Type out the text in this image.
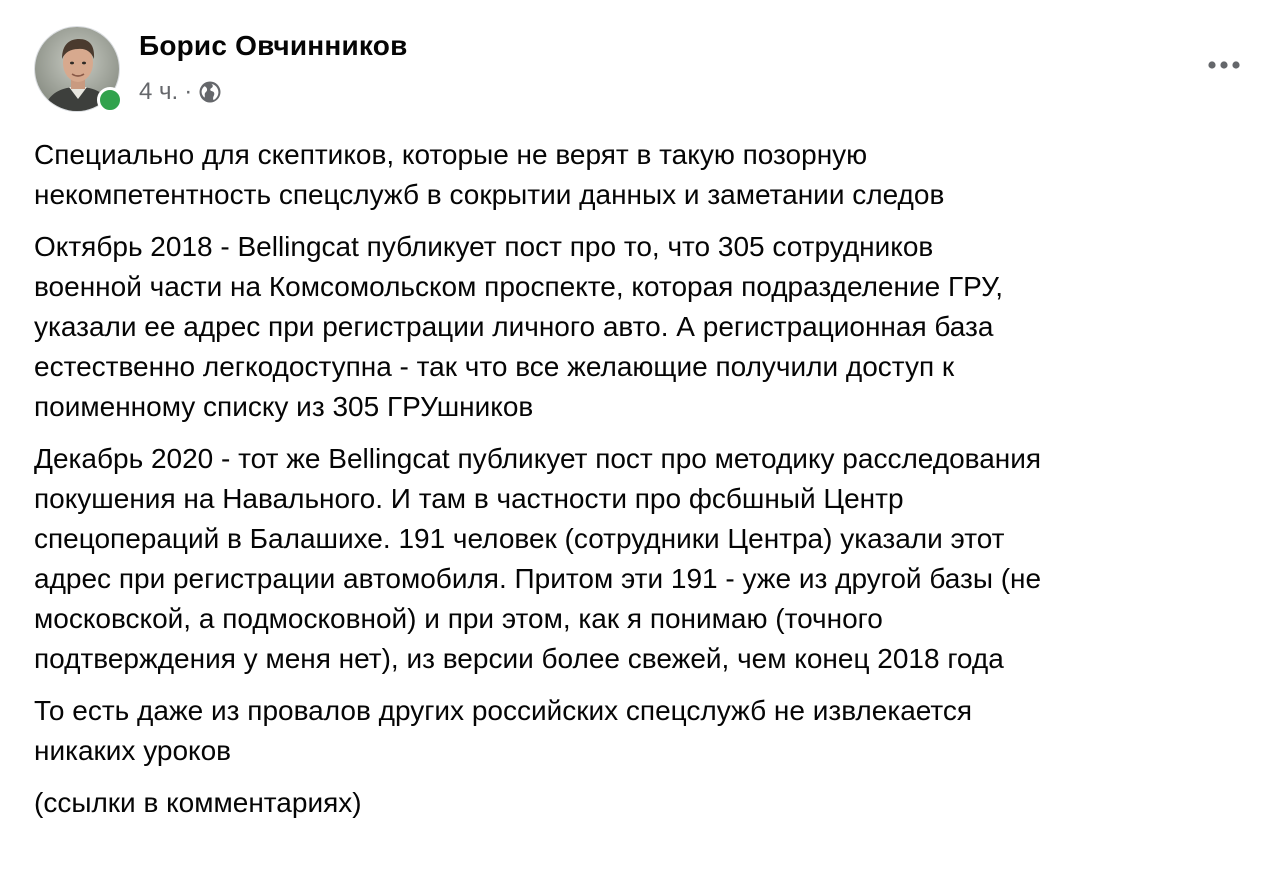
Борис Овчинников
4 ч. ·

Специально для скептиков, которые не верят в такую позорную
некомпетентность спецслужб в сокрытии данных и заметании следов

Октябрь 2018 - Bellingcat публикует пост про то, что 305 сотрудников
военной части на Комсомольском проспекте, которая подразделение ГРУ,
указали ее адрес при регистрации личного авто. А регистрационная база
естественно легкодоступна - так что все желающие получили доступ к
поименному списку из 305 ГРУшников

Декабрь 2020 - тот же Bellingcat публикует пост про методику расследования
покушения на Навального. И там в частности про фсбшный Центр
спецопераций в Балашихе. 191 человек (сотрудники Центра) указали этот
адрес при регистрации автомобиля. Притом эти 191 - уже из другой базы (не
московской, а подмосковной) и при этом, как я понимаю (точного
подтверждения у меня нет), из версии более свежей, чем конец 2018 года

То есть даже из провалов других российских спецслужб не извлекается
никаких уроков

(ссылки в комментариях)
